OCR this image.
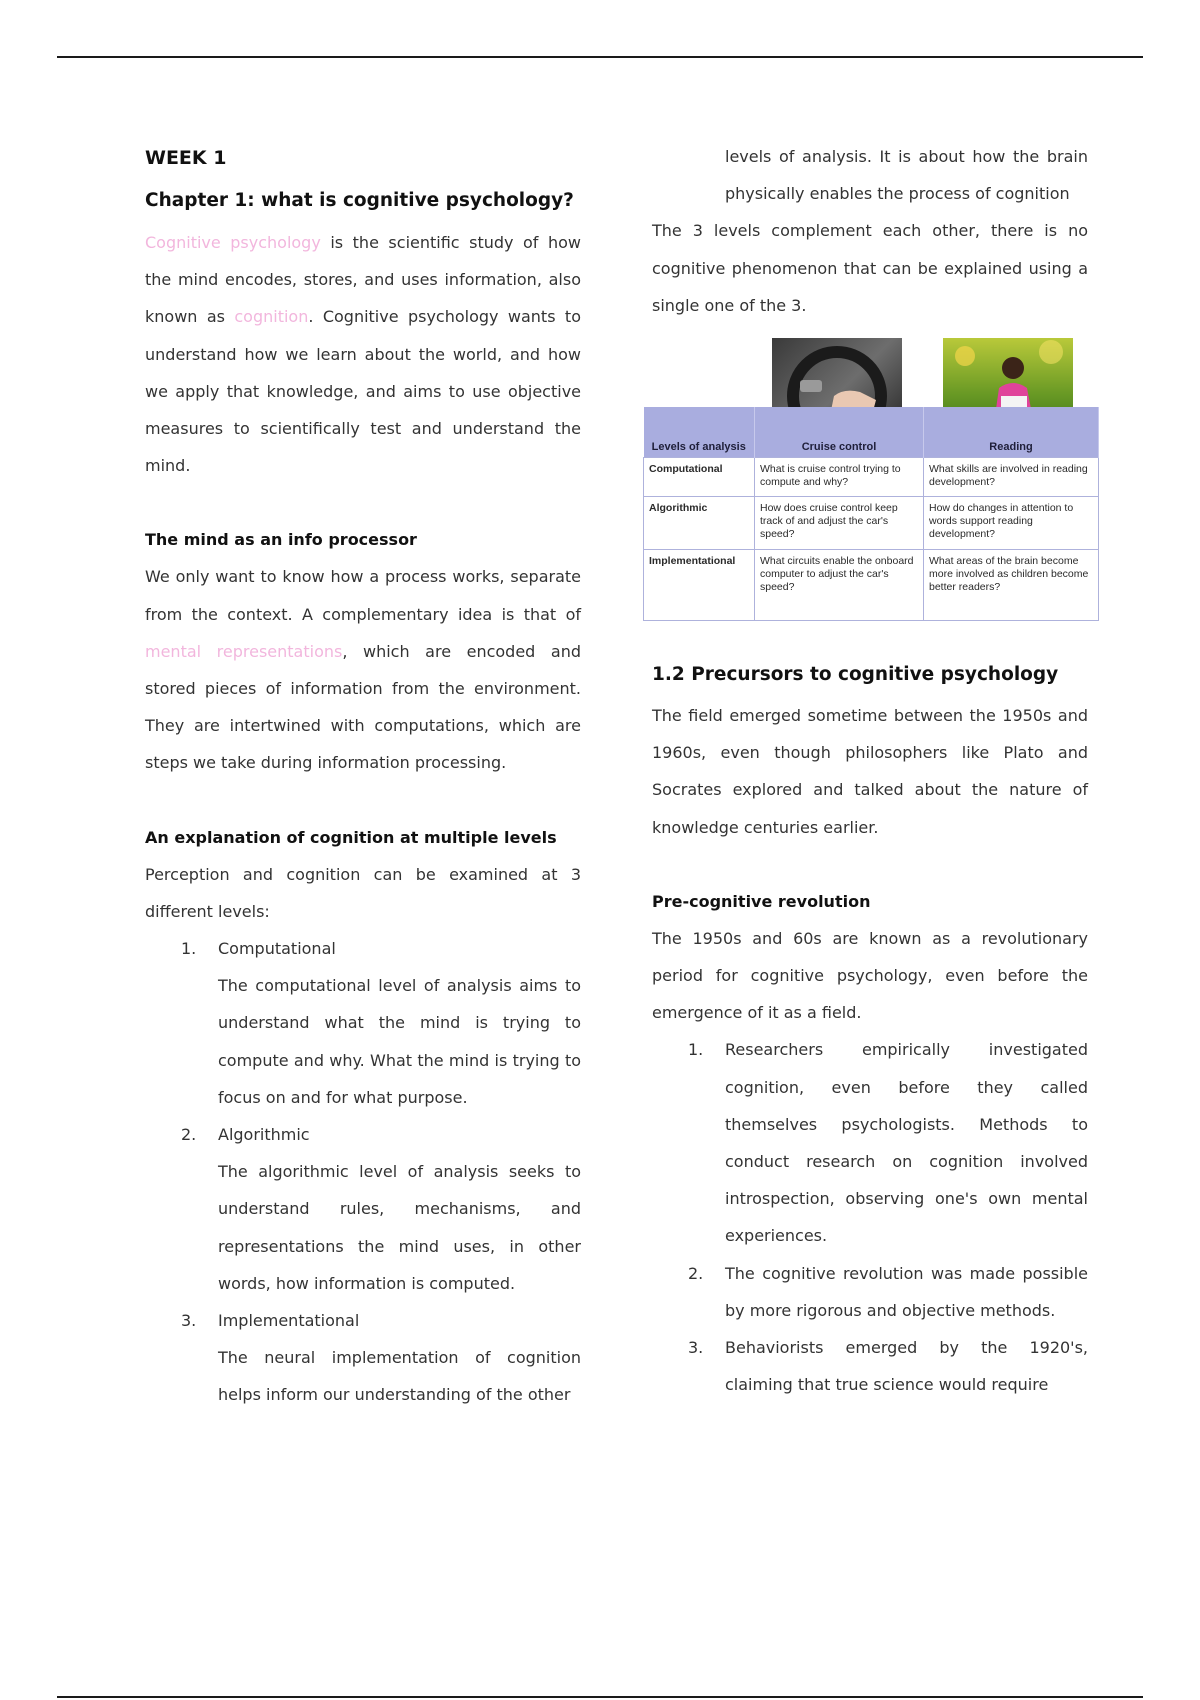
WEEK 1
Chapter 1: what is cognitive psychology?

Cognitive psychology is the scientific study of how the mind encodes, stores, and uses information, also known as cognition. Cognitive psychology wants to understand how we learn about the world, and how we apply that knowledge, and aims to use objective measures to scientifically test and understand the mind.

The mind as an info processor

We only want to know how a process works, separate from the context. A complementary idea is that of mental representations, which are encoded and stored pieces of information from the environment. They are intertwined with computations, which are steps we take during information processing.

An explanation of cognition at multiple levels

Perception and cognition can be examined at 3 different levels:

1. Computational

The computational level of analysis aims to understand what the mind is trying to compute and why. What the mind is trying to focus on and for what purpose.

2. Algorithmic

The algorithmic level of analysis seeks to understand rules, mechanisms, and representations the mind uses, in other words, how information is computed.

3. Implementational

The neural implementation of cognition helps inform our understanding of the other

levels of analysis. It is about how the brain physically enables the process of cognition

The 3 levels complement each other, there is no cognitive phenomenon that can be explained using a single one of the 3.

Levels of analysis	Cruise control	Reading
Computational	What is cruise control trying to compute and why?	What skills are involved in reading development?
Algorithmic	How does cruise control keep track of and adjust the car's speed?	How do changes in attention to words support reading development?
Implementational	What circuits enable the onboard computer to adjust the car's speed?	What areas of the brain become more involved as children become better readers?
1.2 Precursors to cognitive psychology

The field emerged sometime between the 1950s and 1960s, even though philosophers like Plato and Socrates explored and talked about the nature of knowledge centuries earlier.

Pre-cognitive revolution

The 1950s and 60s are known as a revolutionary period for cognitive psychology, even before the emergence of it as a field.

1. Researchers empirically investigated cognition, even before they called themselves psychologists. Methods to conduct research on cognition involved introspection, observing one's own mental experiences.

2. The cognitive revolution was made possible by more rigorous and objective methods.

3. Behaviorists emerged by the 1920's, claiming that true science would require
